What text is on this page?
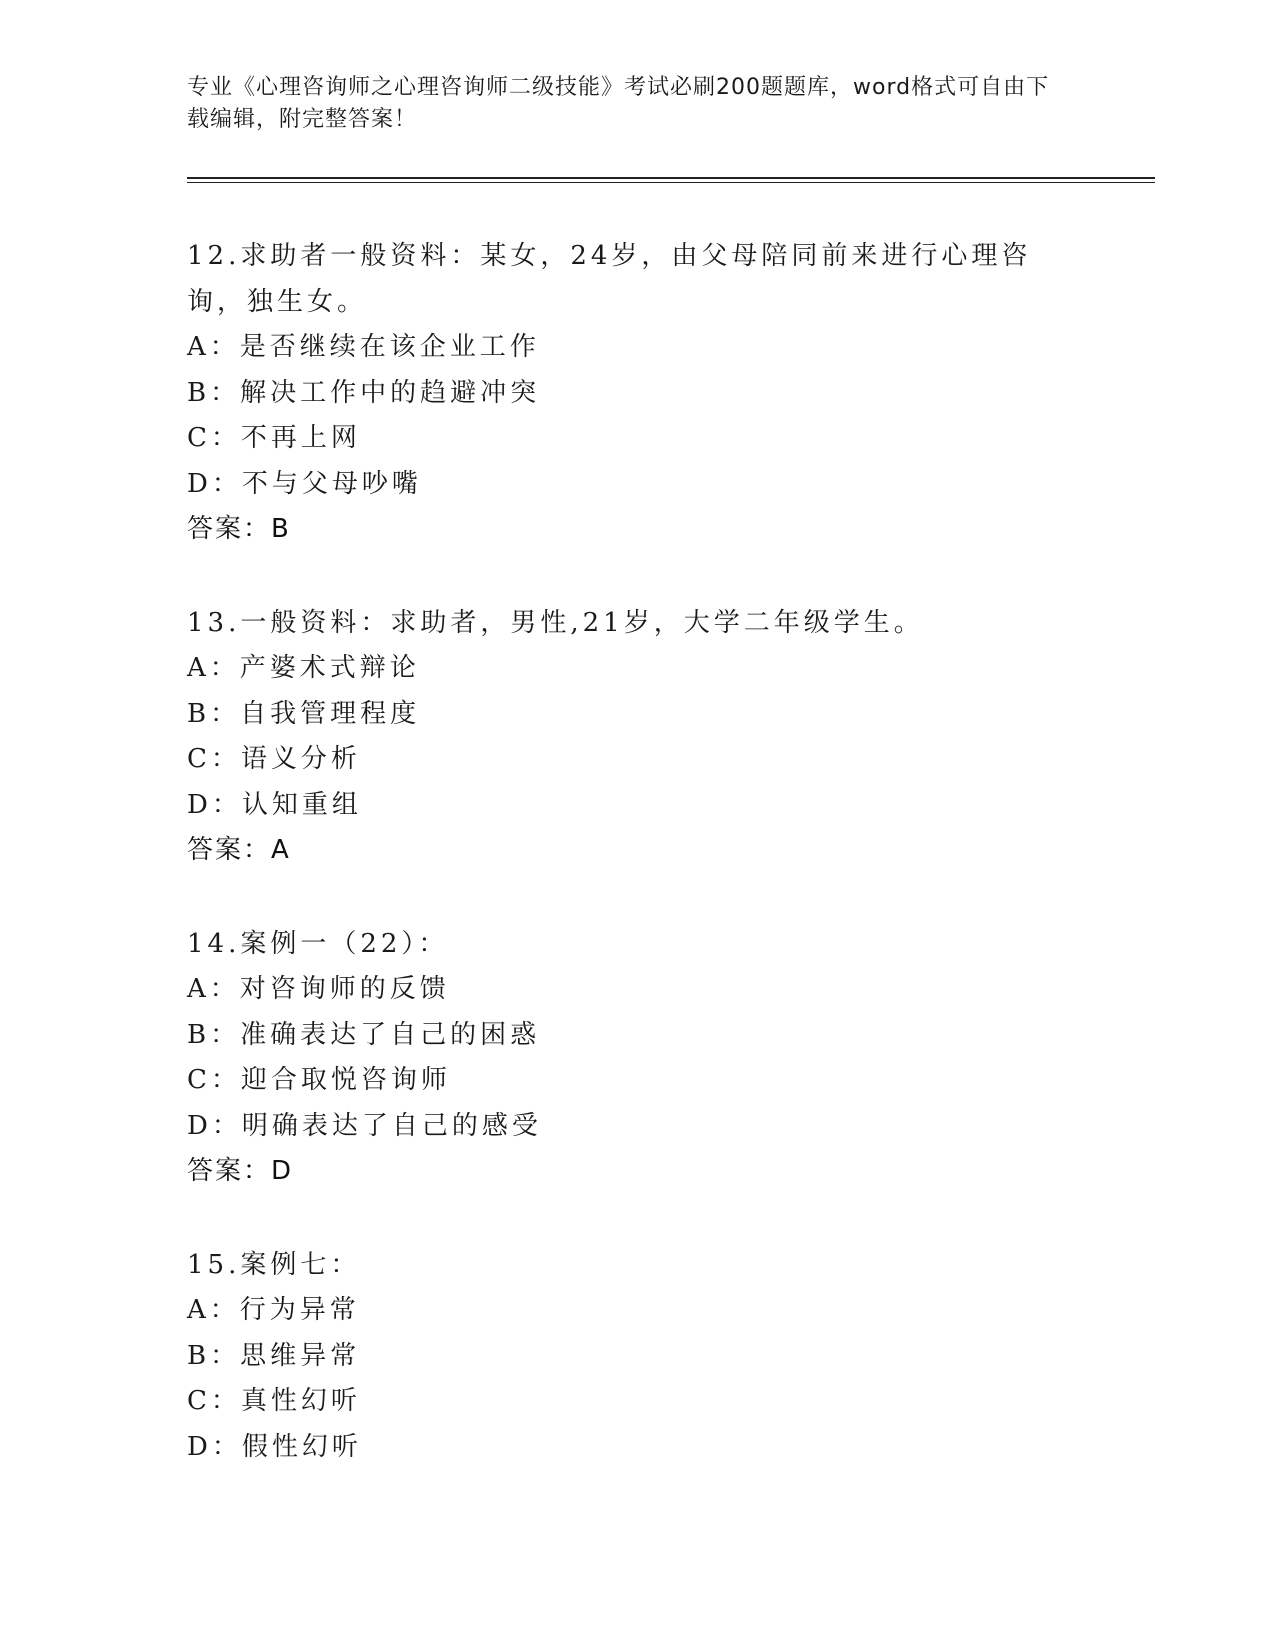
专业《心理咨询师之心理咨询师二级技能》考试必刷200题题库，word格式可自由下载编辑，附完整答案！
12.求助者一般资料：某女，24岁，由父母陪同前来进行心理咨询，独生女。
A：是否继续在该企业工作
B：解决工作中的趋避冲突
C：不再上网
D：不与父母吵嘴
答案：B
13.一般资料：求助者，男性,21岁，大学二年级学生。
A：产婆术式辩论
B：自我管理程度
C：语义分析
D：认知重组
答案：A
14.案例一（22）：
A：对咨询师的反馈
B：准确表达了自己的困惑
C：迎合取悦咨询师
D：明确表达了自己的感受
答案：D
15.案例七：
A：行为异常
B：思维异常
C：真性幻听
D：假性幻听
